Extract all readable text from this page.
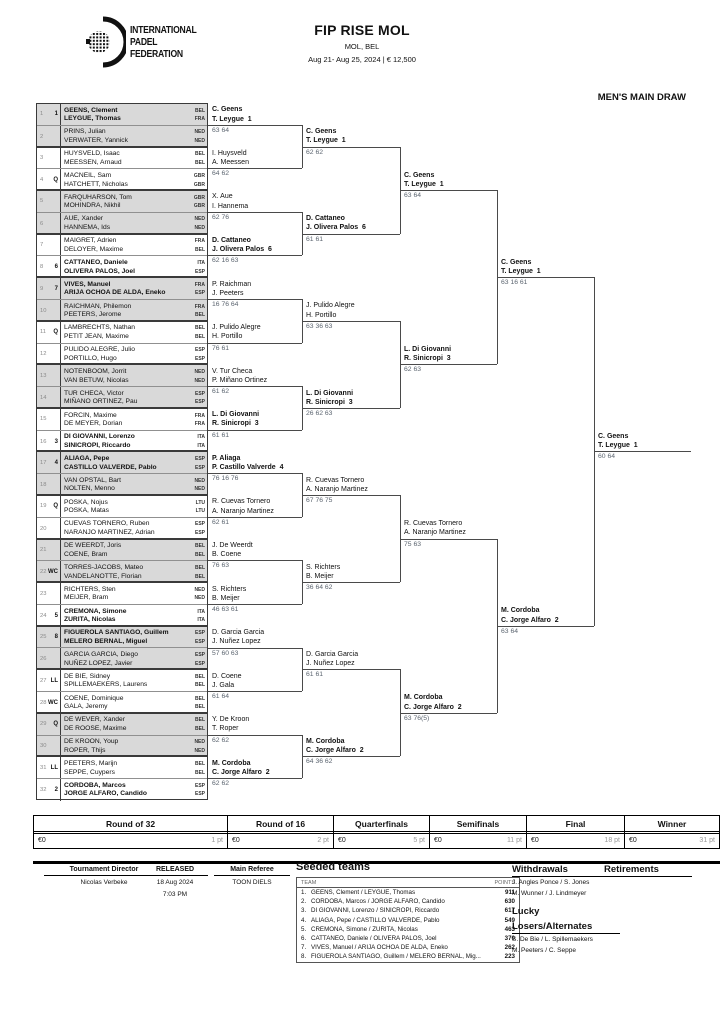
INTERNATIONAL
PADEL
FEDERATION
FIP RISE MOL
MOL, BEL
Aug 21- Aug 25, 2024 | € 12,500
MEN'S MAIN DRAW
1	1
GEENS, Clement
LEYGUE, Thomas
BEL
FRA
2
PRINS, Julian
VERWATER, Yannick
NED
NED
3
HUYSVELD, Isaac
MEESSEN, Arnaud
BEL
BEL
4	Q
MACNEIL, Sam
HATCHETT, Nicholas
GBR
GBR
5
FARQUHARSON, Tom
MOHINDRA, Nikhil
GBR
GBR
6
AUE, Xander
HANNEMA, Ids
NED
NED
7
MAIGRET, Adrien
DELOYER, Maxime
FRA
BEL
8	6
CATTANEO, Daniele
OLIVERA PALOS, Joel
ITA
ESP
9	7
VIVES, Manuel
ARIJA OCHOA DE ALDA, Eneko
FRA
ESP
10
RAICHMAN, Philemon
PEETERS, Jerome
FRA
BEL
11	Q
LAMBRECHTS, Nathan
PETIT JEAN, Maxime
BEL
BEL
12
PULIDO ALEGRE, Julio
PORTILLO, Hugo
ESP
ESP
13
NOTENBOOM, Jorrit
VAN BETUW, Nicolas
NED
NED
14
TUR CHECA, Victor
MIÑANO ORTINEZ, Pau
ESP
ESP
15
FORCIN, Maxime
DE MEYER, Dorian
FRA
FRA
16	3
DI GIOVANNI, Lorenzo
SINICROPI, Riccardo
ITA
ITA
17	4
ALIAGA, Pepe
CASTILLO VALVERDE, Pablo
ESP
ESP
18
VAN OPSTAL, Bart
NOLTEN, Menno
NED
NED
19	Q
POSKA, Nojus
POSKA, Matas
LTU
LTU
20
CUEVAS TORNERO, Ruben
NARANJO MARTINEZ, Adrian
ESP
ESP
21
DE WEERDT, Joris
COENE, Bram
BEL
BEL
22 WC
TORRES-JACOBS, Mateo
VANDELANOTTE, Florian
BEL
BEL
23
RICHTERS, Sten
MEIJER, Bram
NED
NED
24	5
CREMONA, Simone
ZURITA, Nicolas
ITA
ITA
25	8
FIGUEROLA SANTIAGO, Guillem
MELERO BERNAL, Miguel
ESP
ESP
26
GARCIA GARCIA, Diego
NUÑEZ LOPEZ, Javier
ESP
ESP
27 LL
DE BIE, Sidney
SPILLEMAEKERS, Laurens
BEL
BEL
28 WC
COENE, Dominique
GALA, Jeremy
BEL
BEL
29	Q
DE WEVER, Xander
DE ROOSE, Maxime
BEL
BEL
30
DE KROON, Youp
ROPER, Thijs
NED
NED
31 LL
PEETERS, Marijn
SEPPE, Cuypers
BEL
BEL
32	2
CORDOBA, Marcos
JORGE ALFARO, Candido
ESP
ESP
C. Geens
T. Leygue  1
63 64
I. Huysveld
A. Meessen
64 62
X. Aue
I. Hannema
62 76
D. Cattaneo
J. Olivera Palos  6
62 16 63
P. Raichman
J. Peeters
16 76 64
J. Pulido Alegre
H. Portillo
76 61
V. Tur Checa
P. Miñano Ortinez
61 62
L. Di Giovanni
R. Sinicropi  3
61 61
P. Aliaga
P. Castillo Valverde  4
76 16 76
R. Cuevas Tornero
A. Naranjo Martinez
62 61
J. De Weerdt
B. Coene
76 63
S. Richters
B. Meijer
46 63 61
D. Garcia Garcia
J. Nuñez Lopez
57 60 63
D. Coene
J. Gala
61 64
Y. De Kroon
T. Roper
62 62
M. Cordoba
C. Jorge Alfaro  2
62 62
C. Geens
T. Leygue  1
62 62
D. Cattaneo
J. Olivera Palos  6
61 61
J. Pulido Alegre
H. Portillo
63 36 63
L. Di Giovanni
R. Sinicropi  3
26 62 63
R. Cuevas Tornero
A. Naranjo Martinez
67 76 75
S. Richters
B. Meijer
36 64 62
D. Garcia Garcia
J. Nuñez Lopez
61 61
M. Cordoba
C. Jorge Alfaro  2
64 36 62
C. Geens
T. Leygue  1
63 64
L. Di Giovanni
R. Sinicropi  3
62 63
R. Cuevas Tornero
A. Naranjo Martinez
75 63
M. Cordoba
C. Jorge Alfaro  2
63 76(5)
C. Geens
T. Leygue  1
63 16 61
M. Cordoba
C. Jorge Alfaro  2
63 64
C. Geens
T. Leygue  1
60 64
Round of 32
€0	1 pt
Round of 16
€0	2 pt
Quarterfinals
€0	5 pt
Semifinals
€0	11 pt
Final
€0	18 pt
Winner
€0	31 pt
Tournament Director
Nicolas Verbeke
RELEASED
18 Aug 2024
7:03 PM
Main Referee
TOON DIELS
Seeded teams
TEAM	POINTS
1. GEENS, Clement / LEYGUE, Thomas	911
2. CORDOBA, Marcos / JORGE ALFARO, Candido	630
3. DI GIOVANNI, Lorenzo / SINICROPI, Riccardo	617
4. ALIAGA, Pepe / CASTILLO VALVERDE, Pablo	549
5. CREMONA, Simone / ZURITA, Nicolas	463
6. CATTANEO, Daniele / OLIVERA PALOS, Joel	370
7. VIVES, Manuel / ARIJA OCHOA DE ALDA, Eneko	262
8. FIGUEROLA SANTIAGO, Guillem / MELERO BERNAL, Mig...	223
Withdrawals
J. Angles Ponce / S. Jones
M. Wunner / J. Lindmeyer
Lucky
Losers/Alternates
S. De Bie / L. Spillemaekers
M. Peeters / C. Seppe
Retirements
